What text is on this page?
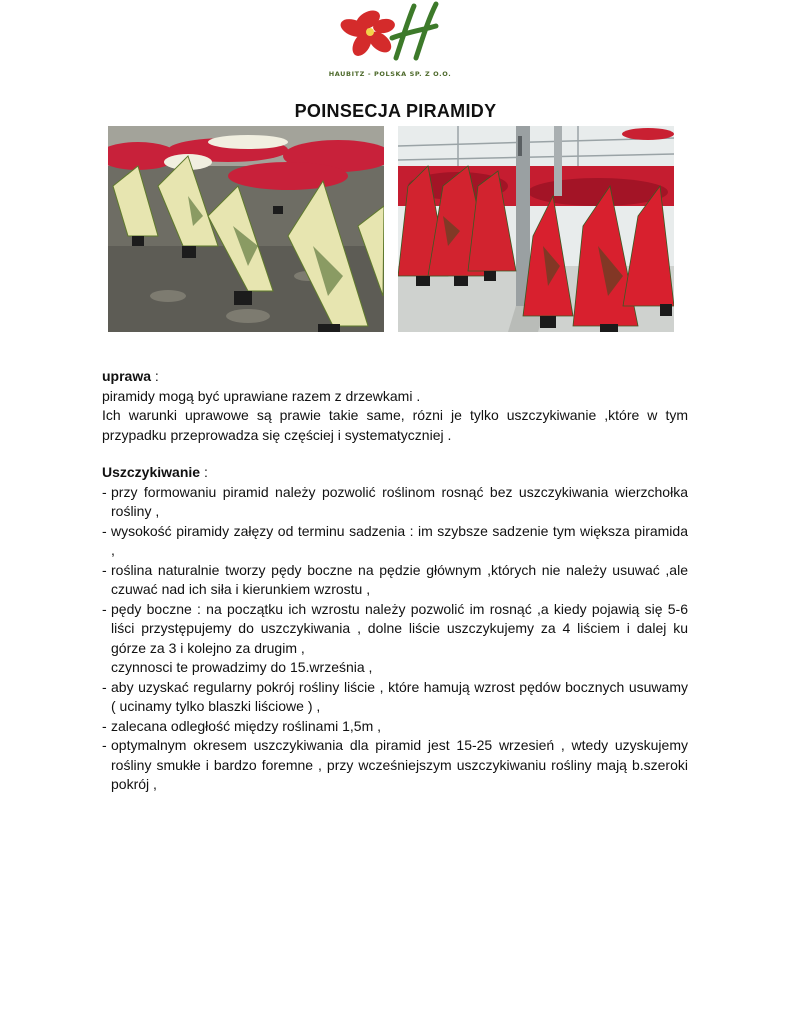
HAUBITZ - POLSKA SP. Z O.O.
POINSECJA PIRAMIDY
uprawa :
piramidy mogą być uprawiane razem z drzewkami .
Ich warunki uprawowe są prawie takie same, rózni je tylko uszczykiwanie ,które w tym przypadku przeprowadza się częściej i systematyczniej .
Uszczykiwanie :
- przy formowaniu piramid należy pozwolić roślinom rosnąć bez uszczykiwania wierzchołka rośliny ,
- wysokość piramidy załęzy od terminu sadzenia : im szybsze sadzenie tym większa piramida ,
- roślina naturalnie tworzy pędy boczne na pędzie głównym ,których nie należy usuwać ,ale czuwać nad ich siła i kierunkiem wzrostu ,
- pędy boczne : na początku ich wzrostu należy pozwolić im rosnąć ,a kiedy pojawią się 5-6 liści przystępujemy do uszczykiwania , dolne liście uszczykujemy za 4 liściem i dalej ku górze za 3 i kolejno za drugim ,
czynnosci te prowadzimy do 15.września ,
- aby uzyskać regularny pokrój rośliny liście , które hamują wzrost pędów bocznych usuwamy ( ucinamy tylko blaszki liściowe ) ,
- zalecana odległość między roślinami 1,5m ,
- optymalnym okresem uszczykiwania dla piramid jest 15-25 wrzesień , wtedy uzyskujemy rośliny smukłe i bardzo foremne , przy wcześniejszym uszczykiwaniu rośliny mają b.szeroki pokrój ,
